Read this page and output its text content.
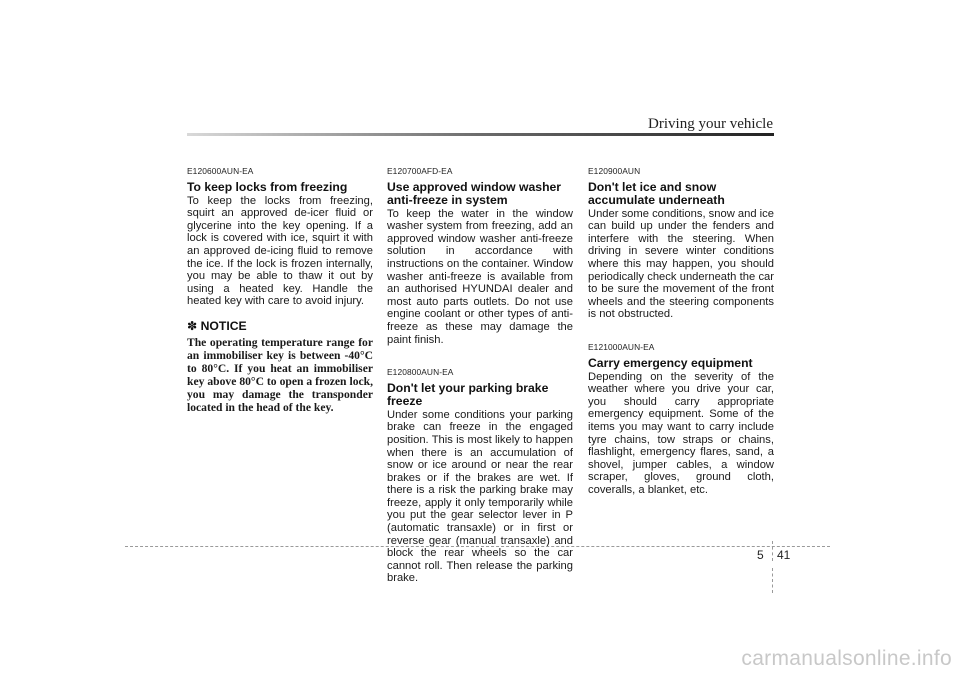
Driving your vehicle

E120600AUN-EA

To keep locks from freezing

To keep the locks from freezing, squirt an approved de-icer fluid or glycerine into the key opening. If a lock is covered with ice, squirt it with an approved de-icing fluid to remove the ice. If the lock is frozen internally, you may be able to thaw it out by using a heated key. Handle the heated key with care to avoid injury.

✽ NOTICE

The operating temperature range for an immobiliser key is between -40°C to 80°C. If you heat an immobiliser key above 80°C to open a frozen lock, you may damage the transponder located in the head of the key.

E120700AFD-EA

Use approved window washer anti-freeze in system

To keep the water in the window washer system from freezing, add an approved window washer anti-freeze solution in accordance with instructions on the container. Window washer anti-freeze is available from an authorised HYUNDAI dealer and most auto parts outlets. Do not use engine coolant or other types of anti-freeze as these may damage the paint finish.

E120800AUN-EA

Don't let your parking brake freeze

Under some conditions your parking brake can freeze in the engaged position. This is most likely to happen when there is an accumulation of snow or ice around or near the rear brakes or if the brakes are wet. If there is a risk the parking brake may freeze, apply it only temporarily while you put the gear selector lever in P (automatic transaxle) or in first or reverse gear (manual transaxle) and block the rear wheels so the car cannot roll. Then release the parking brake.

E120900AUN

Don't let ice and snow accumulate underneath

Under some conditions, snow and ice can build up under the fenders and interfere with the steering. When driving in severe winter conditions where this may happen, you should periodically check underneath the car to be sure the movement of the front wheels and the steering components is not obstructed.

E121000AUN-EA

Carry emergency equipment

Depending on the severity of the weather where you drive your car, you should carry appropriate emergency equipment. Some of the items you may want to carry include tyre chains, tow straps or chains, flashlight, emergency flares, sand, a shovel, jumper cables, a window scraper, gloves, ground cloth, coveralls, a blanket, etc.

5 41
carmanualsonline.info
